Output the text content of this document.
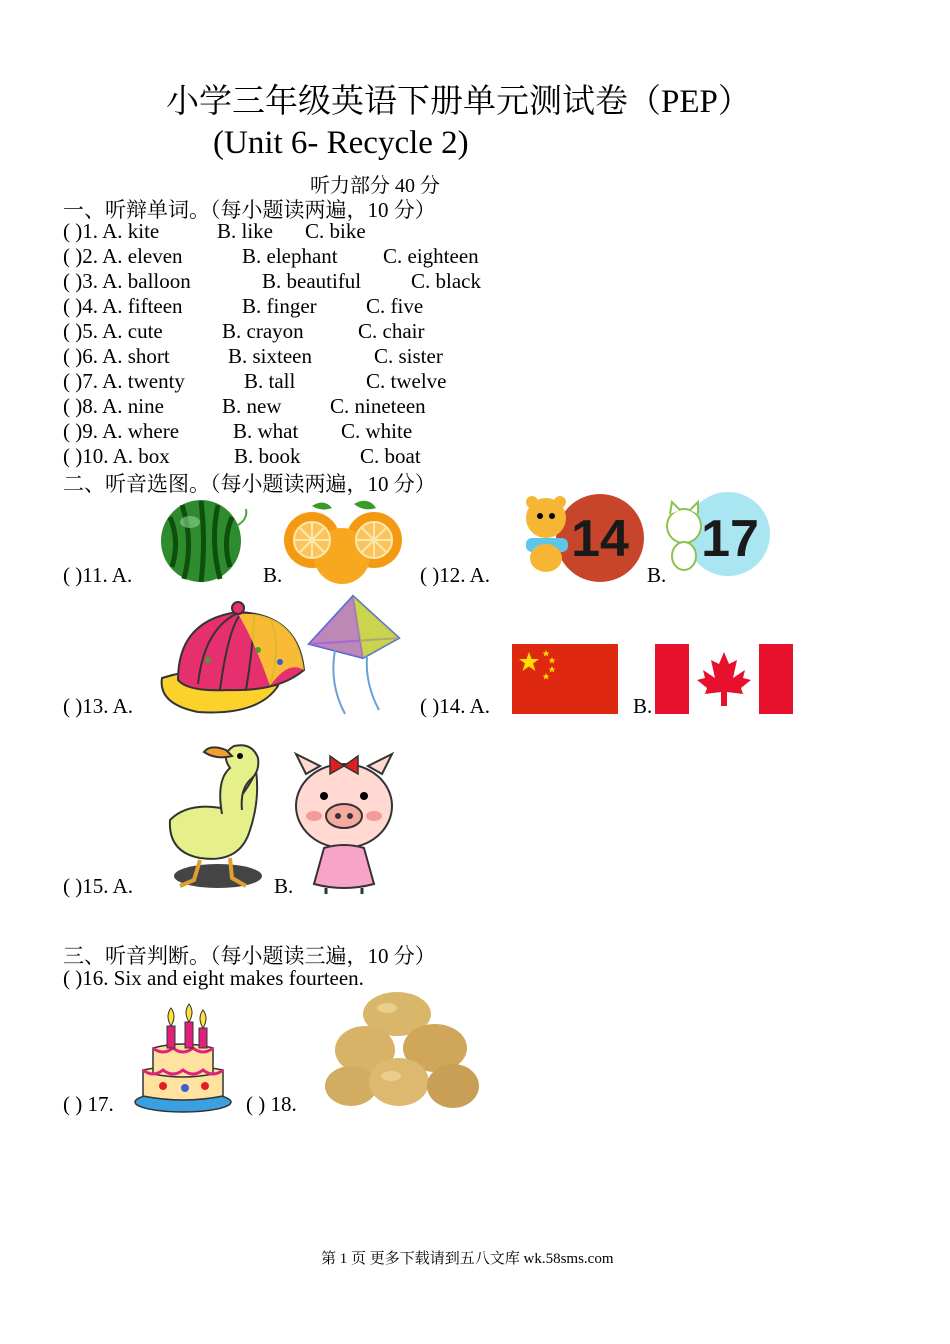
小学三年级英语下册单元测试卷（PEP）
(Unit 6- Recycle 2)
听力部分 40 分
一、听辩单词。（每小题读两遍，10 分）
( )1. A. kite	B. like C. bike
( )2. A. eleven	B. elephant C. eighteen
( )3. A. balloon	B. beautiful C. black
( )4. A. fifteen	B. finger C. five
( )5. A. cute	B. crayon	C. chair
( )6. A. short	B. sixteen	C. sister
( )7. A. twenty	B. tall	C. twelve
( )8. A. nine	B. new C. nineteen
( )9. A. where	B. what C. white
( )10. A. box	B. book	C. boat
二、听音选图。（每小题读两遍，10 分）
( )11. A.	B.	( )12. A.	B.
14 17
( )13. A.	( )14. A.	B.
( )15. A.	B.
三、听音判断。（每小题读三遍，10 分）
( )16. Six and eight makes fourteen.
( ) 17.	( ) 18.
第 1 页 更多下载请到五八文库 wk.58sms.com
